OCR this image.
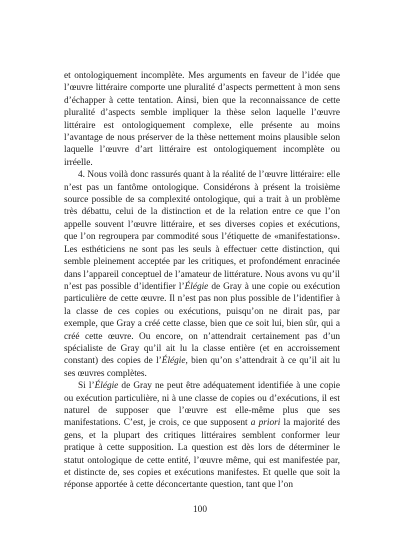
et ontologiquement incomplète. Mes arguments en faveur de l’idée que l’œuvre littéraire comporte une pluralité d’aspects permettent à mon sens d’échapper à cette tentation. Ainsi, bien que la reconnaissance de cette pluralité d’aspects semble impliquer la thèse selon laquelle l’œuvre littéraire est ontologiquement complexe, elle présente au moins l’avantage de nous préserver de la thèse nettement moins plausible selon laquelle l’œuvre d’art littéraire est ontologiquement incomplète ou irréelle.

4. Nous voilà donc rassurés quant à la réalité de l’œuvre littéraire: elle n’est pas un fantôme ontologique. Considérons à présent la troisième source possible de sa complexité ontologique, qui a trait à un problème très débattu, celui de la distinction et de la relation entre ce que l’on appelle souvent l’œuvre littéraire, et ses diverses copies et exécutions, que l’on regroupera par commodité sous l’étiquette de «manifestations». Les esthéticiens ne sont pas les seuls à effectuer cette distinction, qui semble pleinement acceptée par les critiques, et profondément enracinée dans l’appareil conceptuel de l’amateur de littérature. Nous avons vu qu’il n’est pas possible d’identifier l’Élégie de Gray à une copie ou exécution particulière de cette œuvre. Il n’est pas non plus possible de l’identifier à la classe de ces copies ou exécutions, puisqu’on ne dirait pas, par exemple, que Gray a créé cette classe, bien que ce soit lui, bien sûr, qui a créé cette œuvre. Ou encore, on n’attendrait certainement pas d’un spécialiste de Gray qu’il ait lu la classe entière (et en accroissement constant) des copies de l’Élégie, bien qu’on s’attendrait à ce qu’il ait lu ses œuvres complètes.

Si l’Élégie de Gray ne peut être adéquatement identifiée à une copie ou exécution particulière, ni à une classe de copies ou d’exécutions, il est naturel de supposer que l’œuvre est elle-même plus que ses manifestations. C’est, je crois, ce que supposent a priori la majorité des gens, et la plupart des critiques littéraires semblent conformer leur pratique à cette supposition. La question est dès lors de déterminer le statut ontologique de cette entité, l’œuvre même, qui est manifestée par, et distincte de, ses copies et exécutions manifestes. Et quelle que soit la réponse apportée à cette déconcertante question, tant que l’on

100
